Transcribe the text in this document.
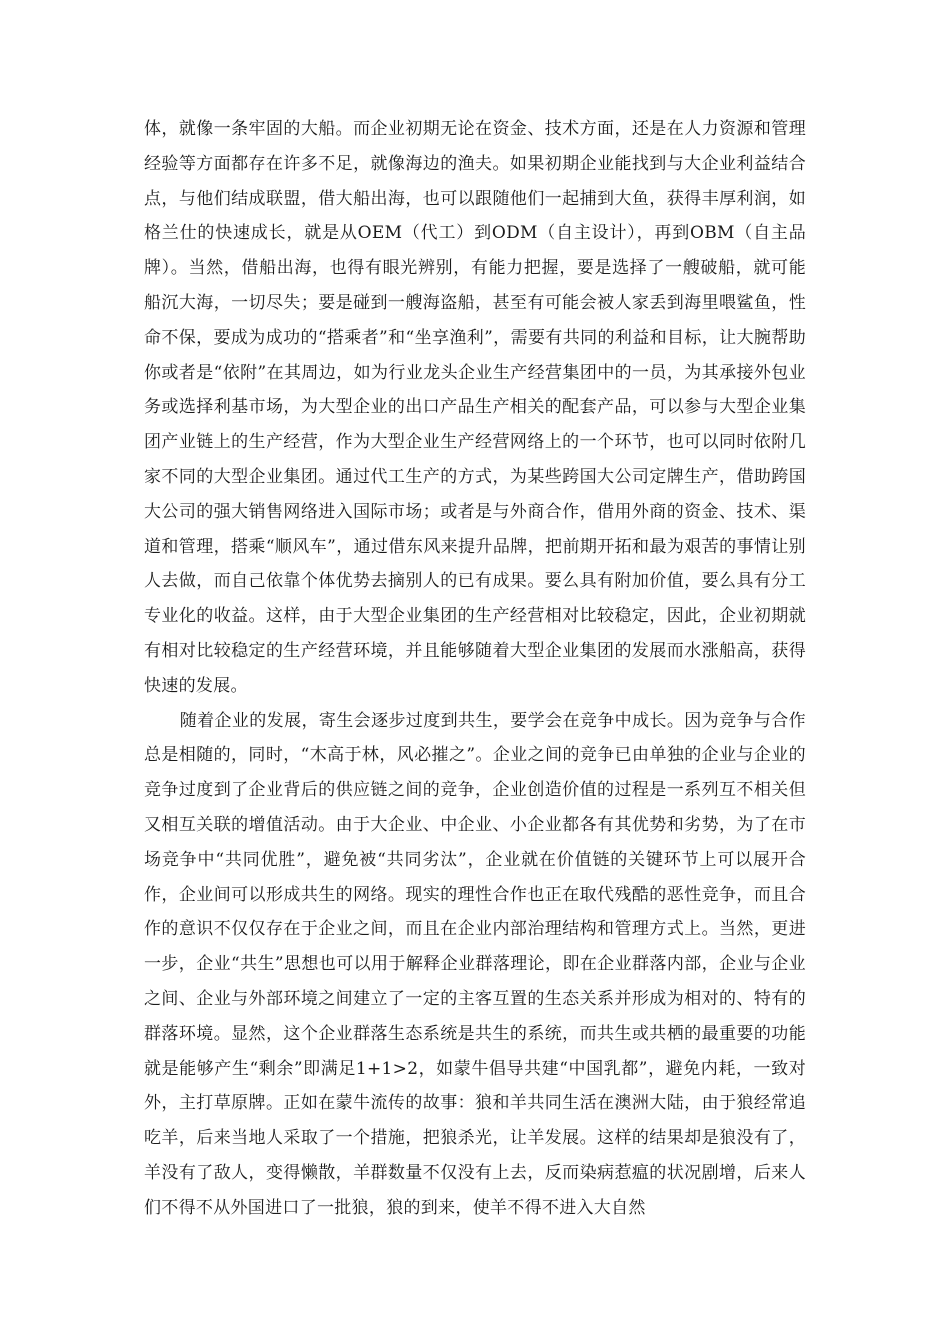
体，就像一条牢固的大船。而企业初期无论在资金、技术方面，还是在人力资源和管理经验等方面都存在许多不足，就像海边的渔夫。如果初期企业能找到与大企业利益结合点，与他们结成联盟，借大船出海，也可以跟随他们一起捕到大鱼，获得丰厚利润，如格兰仕的快速成长，就是从OEM（代工）到ODM（自主设计），再到OBM（自主品牌）。当然，借船出海，也得有眼光辨别，有能力把握，要是选择了一艘破船，就可能船沉大海，一切尽失；要是碰到一艘海盗船，甚至有可能会被人家丢到海里喂鲨鱼，性命不保，要成为成功的“搭乘者”和“坐享渔利”，需要有共同的利益和目标，让大腕帮助你或者是“依附”在其周边，如为行业龙头企业生产经营集团中的一员，为其承接外包业务或选择利基市场，为大型企业的出口产品生产相关的配套产品，可以参与大型企业集团产业链上的生产经营，作为大型企业生产经营网络上的一个环节，也可以同时依附几家不同的大型企业集团。通过代工生产的方式，为某些跨国大公司定牌生产，借助跨国大公司的强大销售网络进入国际市场；或者是与外商合作，借用外商的资金、技术、渠道和管理，搭乘“顺风车”，通过借东风来提升品牌，把前期开拓和最为艰苦的事情让别人去做，而自己依靠个体优势去摘别人的已有成果。要么具有附加价值，要么具有分工专业化的收益。这样，由于大型企业集团的生产经营相对比较稳定，因此，企业初期就有相对比较稳定的生产经营环境，并且能够随着大型企业集团的发展而水涨船高，获得快速的发展。

随着企业的发展，寄生会逐步过度到共生，要学会在竞争中成长。因为竞争与合作总是相随的，同时，“木高于林，风必摧之”。企业之间的竞争已由单独的企业与企业的竞争过度到了企业背后的供应链之间的竞争，企业创造价值的过程是一系列互不相关但又相互关联的增值活动。由于大企业、中企业、小企业都各有其优势和劣势，为了在市场竞争中“共同优胜”，避免被“共同劣汰”，企业就在价值链的关键环节上可以展开合作，企业间可以形成共生的网络。现实的理性合作也正在取代残酷的恶性竞争，而且合作的意识不仅仅存在于企业之间，而且在企业内部治理结构和管理方式上。当然，更进一步，企业“共生”思想也可以用于解释企业群落理论，即在企业群落内部，企业与企业之间、企业与外部环境之间建立了一定的主客互置的生态关系并形成为相对的、特有的群落环境。显然，这个企业群落生态系统是共生的系统，而共生或共栖的最重要的功能就是能够产生“剩余”即满足1+1>2，如蒙牛倡导共建“中国乳都”，避免内耗，一致对外，主打草原牌。正如在蒙牛流传的故事：狼和羊共同生活在澳洲大陆，由于狼经常追吃羊，后来当地人采取了一个措施，把狼杀光，让羊发展。这样的结果却是狼没有了，羊没有了敌人，变得懒散，羊群数量不仅没有上去，反而染病惹瘟的状况剧增，后来人们不得不从外国进口了一批狼，狼的到来，使羊不得不进入大自然
